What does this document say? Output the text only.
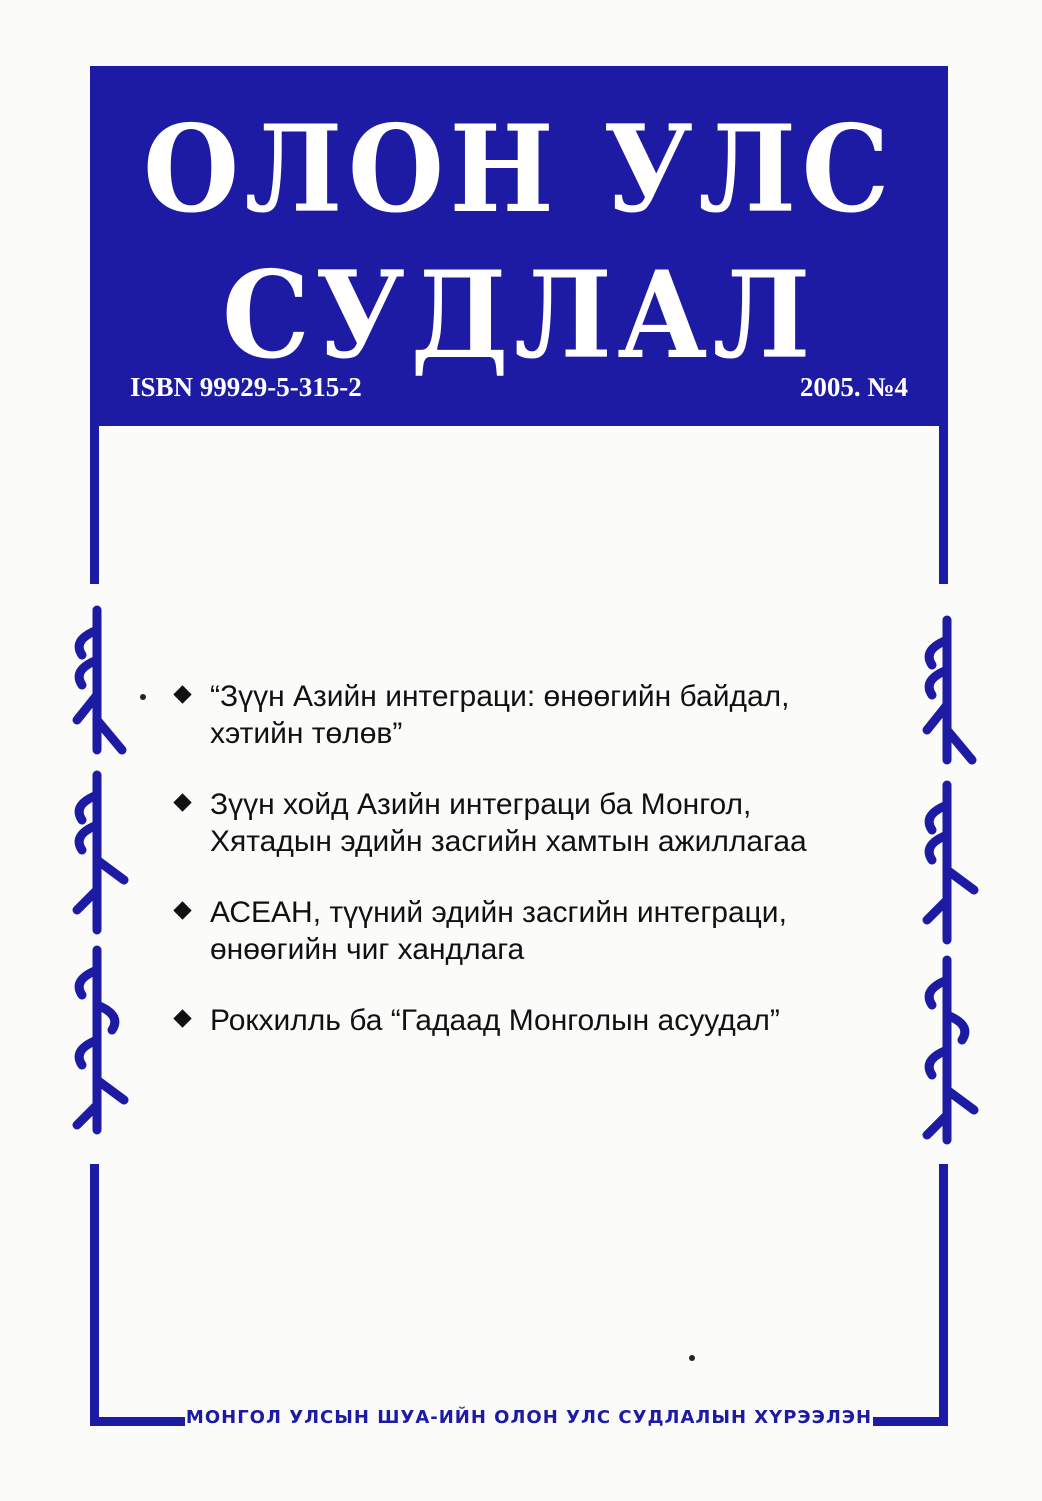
ОЛОН УЛС
СУДЛАЛ
ISBN 99929-5-315-2	2005. №4
“Зүүн Азийн интеграци: өнөөгийн байдал,
хэтийн төлөв”
Зүүн хойд Азийн интеграци ба Монгол,
Хятадын эдийн засгийн хамтын ажиллагаа
АСЕАН, түүний эдийн засгийн интеграци,
өнөөгийн чиг хандлага
Рокхилль ба “Гадаад Монголын асуудал”
МОНГОЛ УЛСЫН ШУА-ИЙН ОЛОН УЛС СУДЛАЛЫН ХҮРЭЭЛЭН
